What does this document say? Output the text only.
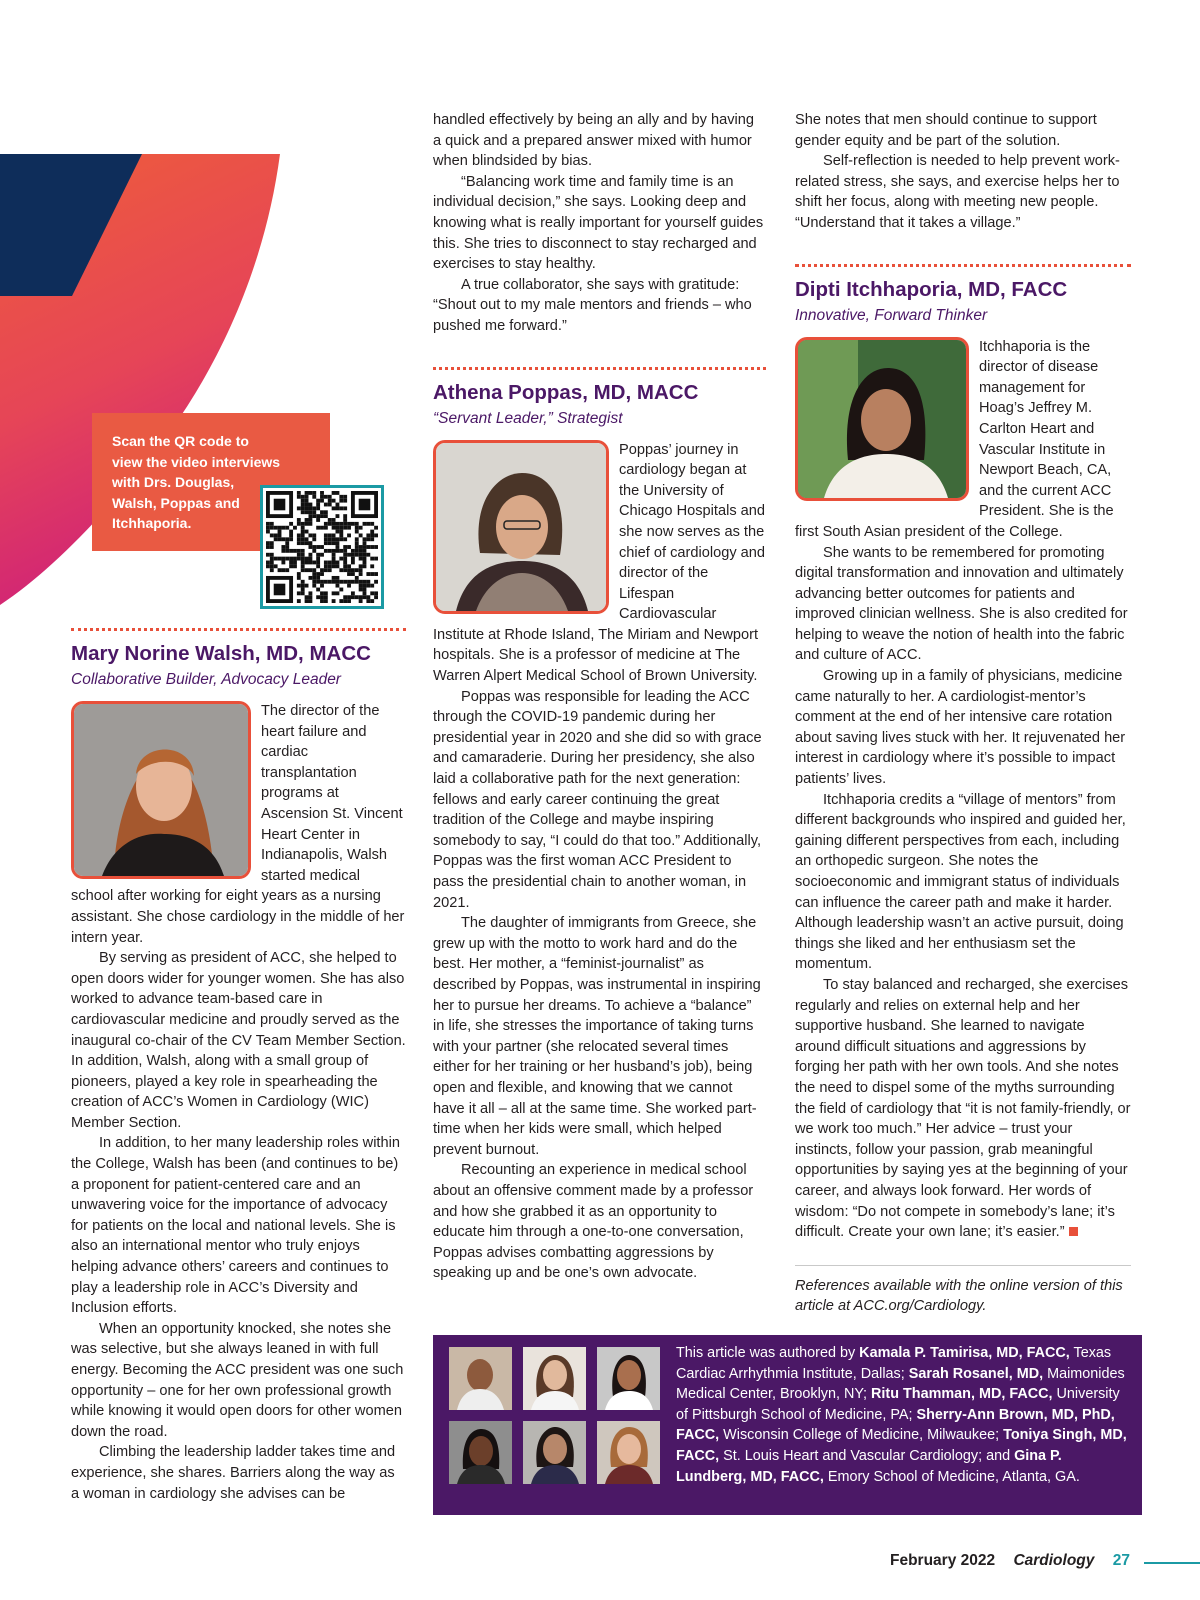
Scan the QR code to view the video interviews with Drs. Douglas, Walsh, Poppas and Itchhaporia.
Mary Norine Walsh, MD, MACC
Collaborative Builder, Advocacy Leader

The director of the heart failure and cardiac transplantation programs at Ascension St. Vincent Heart Center in Indianapolis, Walsh started medical school after working for eight years as a nursing assistant. She chose cardiology in the middle of her intern year.

By serving as president of ACC, she helped to open doors wider for younger women. She has also worked to advance team-based care in cardiovascular medicine and proudly served as the inaugural co-chair of the CV Team Member Section. In addition, Walsh, along with a small group of pioneers, played a key role in spearheading the creation of ACC’s Women in Cardiology (WIC) Member Section.

In addition, to her many leadership roles within the College, Walsh has been (and continues to be) a proponent for patient-centered care and an unwavering voice for the importance of advocacy for patients on the local and national levels. She is also an international mentor who truly enjoys helping advance others’ careers and continues to play a leadership role in ACC’s Diversity and Inclusion efforts.

When an opportunity knocked, she notes she was selective, but she always leaned in with full energy. Becoming the ACC president was one such opportunity – one for her own professional growth while knowing it would open doors for other women down the road.

Climbing the leadership ladder takes time and experience, she shares. Barriers along the way as a woman in cardiology she advises can be

handled effectively by being an ally and by having a quick and a prepared answer mixed with humor when blindsided by bias.

“Balancing work time and family time is an individual decision,” she says. Looking deep and knowing what is really important for yourself guides this. She tries to disconnect to stay recharged and exercises to stay healthy.

A true collaborator, she says with gratitude: “Shout out to my male mentors and friends – who pushed me forward.”

Athena Poppas, MD, MACC
“Servant Leader,” Strategist

Poppas’ journey in cardiology began at the University of Chicago Hospitals and she now serves as the chief of cardiology and director of the Lifespan Cardiovascular Institute at Rhode Island, The Miriam and Newport hospitals. She is a professor of medicine at The Warren Alpert Medical School of Brown University.

Poppas was responsible for leading the ACC through the COVID-19 pandemic during her presidential year in 2020 and she did so with grace and camaraderie. During her presidency, she also laid a collaborative path for the next generation: fellows and early career continuing the great tradition of the College and maybe inspiring somebody to say, “I could do that too.” Additionally, Poppas was the first woman ACC President to pass the presidential chain to another woman, in 2021.

The daughter of immigrants from Greece, she grew up with the motto to work hard and do the best. Her mother, a “feminist-journalist” as described by Poppas, was instrumental in inspiring her to pursue her dreams. To achieve a “balance” in life, she stresses the importance of taking turns with your partner (she relocated several times either for her training or her husband’s job), being open and flexible, and knowing that we cannot have it all – all at the same time. She worked part-time when her kids were small, which helped prevent burnout.

Recounting an experience in medical school about an offensive comment made by a professor and how she grabbed it as an opportunity to educate him through a one-to-one conversation, Poppas advises combatting aggressions by speaking up and be one’s own advocate.

She notes that men should continue to support gender equity and be part of the solution.

Self-reflection is needed to help prevent work-related stress, she says, and exercise helps her to shift her focus, along with meeting new people. “Understand that it takes a village.”

Dipti Itchhaporia, MD, FACC
Innovative, Forward Thinker

Itchhaporia is the director of disease management for Hoag’s Jeffrey M. Carlton Heart and Vascular Institute in Newport Beach, CA, and the current ACC President. She is the first South Asian president of the College.

She wants to be remembered for promoting digital transformation and innovation and ultimately advancing better outcomes for patients and improved clinician wellness. She is also credited for helping to weave the notion of health into the fabric and culture of ACC.

Growing up in a family of physicians, medicine came naturally to her. A cardiologist-mentor’s comment at the end of her intensive care rotation about saving lives stuck with her. It rejuvenated her interest in cardiology where it’s possible to impact patients’ lives.

Itchhaporia credits a “village of mentors” from different backgrounds who inspired and guided her, gaining different perspectives from each, including an orthopedic surgeon. She notes the socioeconomic and immigrant status of individuals can influence the career path and make it harder. Although leadership wasn’t an active pursuit, doing things she liked and her enthusiasm set the momentum.

To stay balanced and recharged, she exercises regularly and relies on external help and her supportive husband. She learned to navigate around difficult situations and aggressions by forging her path with her own tools. And she notes the need to dispel some of the myths surrounding the field of cardiology that “it is not family-friendly, or we work too much.” Her advice – trust your instincts, follow your passion, grab meaningful opportunities by saying yes at the beginning of your career, and always look forward. Her words of wisdom: “Do not compete in somebody’s lane; it’s difficult. Create your own lane; it’s easier.”

References available with the online version of this article at ACC.org/Cardiology.
This article was authored by Kamala P. Tamirisa, MD, FACC, Texas Cardiac Arrhythmia Institute, Dallas; Sarah Rosanel, MD, Maimonides Medical Center, Brooklyn, NY; Ritu Thamman, MD, FACC, University of Pittsburgh School of Medicine, PA; Sherry-Ann Brown, MD, PhD, FACC, Wisconsin College of Medicine, Milwaukee; Toniya Singh, MD, FACC, St. Louis Heart and Vascular Cardiology; and Gina P. Lundberg, MD, FACC, Emory School of Medicine, Atlanta, GA.
February 2022 Cardiology 27
